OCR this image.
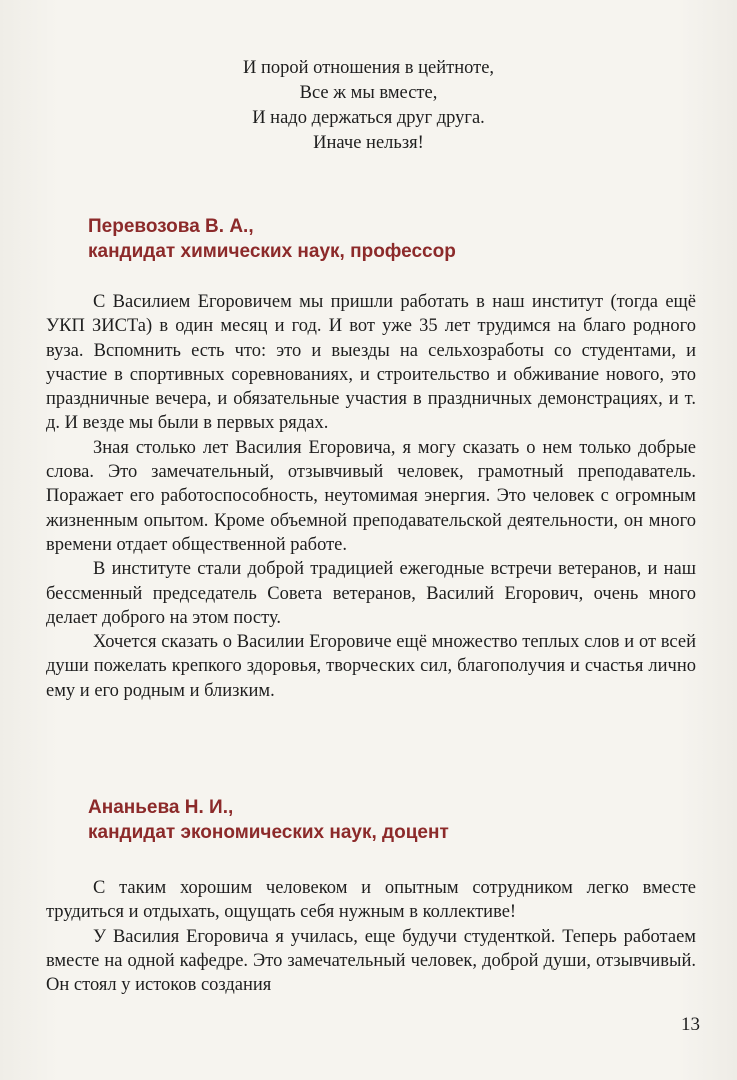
И порой отношения в цейтноте,
Все ж мы вместе,
И надо держаться друг друга.
Иначе нельзя!
Перевозова В. А.,
кандидат химических наук, профессор

С Василием Егоровичем мы пришли работать в наш институт (тогда ещё УКП ЗИСТа) в один месяц и год. И вот уже 35 лет трудимся на благо родного вуза. Вспомнить есть что: это и выезды на сельхозработы со студентами, и участие в спортивных соревнованиях, и строительство и обживание нового, это праздничные вечера, и обязательные участия в праздничных демонстрациях, и т. д. И везде мы были в первых рядах.

Зная столько лет Василия Егоровича, я могу сказать о нем только добрые слова. Это замечательный, отзывчивый человек, грамотный преподаватель. Поражает его работоспособность, неутомимая энергия. Это человек с огромным жизненным опытом. Кроме объемной преподавательской деятельности, он много времени отдает общественной работе.

В институте стали доброй традицией ежегодные встречи ветеранов, и наш бессменный председатель Совета ветеранов, Василий Егорович, очень много делает доброго на этом посту.

Хочется сказать о Василии Егоровиче ещё множество теплых слов и от всей души пожелать крепкого здоровья, творческих сил, благополучия и счастья лично ему и его родным и близким.

Ананьева Н. И.,
кандидат экономических наук, доцент

С таким хорошим человеком и опытным сотрудником легко вместе трудиться и отдыхать, ощущать себя нужным в коллективе!

У Василия Егоровича я училась, еще будучи студенткой. Теперь работаем вместе на одной кафедре. Это замечательный человек, доброй души, отзывчивый. Он стоял у истоков создания

13
